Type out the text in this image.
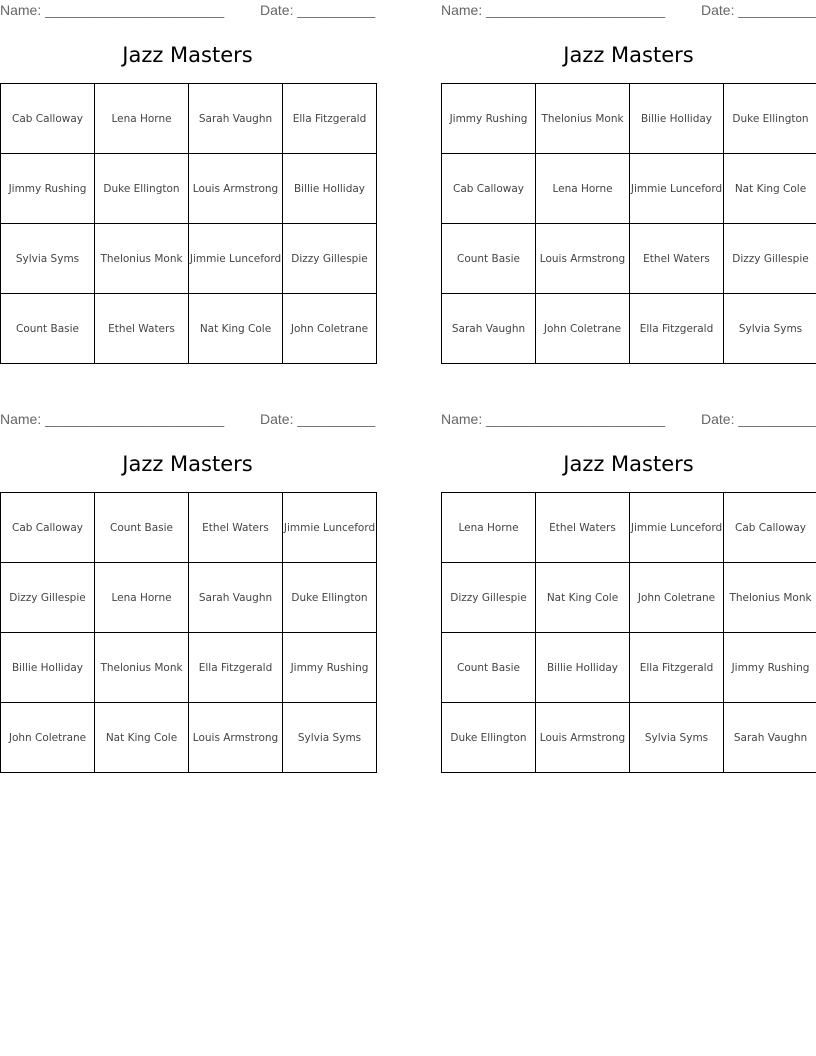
Name: _______________________	Date: __________
Jazz Masters
Cab Calloway	Lena Horne	Sarah Vaughn	Ella Fitzgerald
Jimmy Rushing	Duke Ellington	Louis Armstrong	Billie Holliday
Sylvia Syms	Thelonius Monk	Jimmie Lunceford	Dizzy Gillespie
Count Basie	Ethel Waters	Nat King Cole	John Coletrane
Name: _______________________	Date: __________
Jazz Masters
Jimmy Rushing	Thelonius Monk	Billie Holliday	Duke Ellington
Cab Calloway	Lena Horne	Jimmie Lunceford	Nat King Cole
Count Basie	Louis Armstrong	Ethel Waters	Dizzy Gillespie
Sarah Vaughn	John Coletrane	Ella Fitzgerald	Sylvia Syms
Name: _______________________	Date: __________
Jazz Masters
Cab Calloway	Count Basie	Ethel Waters	Jimmie Lunceford
Dizzy Gillespie	Lena Horne	Sarah Vaughn	Duke Ellington
Billie Holliday	Thelonius Monk	Ella Fitzgerald	Jimmy Rushing
John Coletrane	Nat King Cole	Louis Armstrong	Sylvia Syms
Name: _______________________	Date: __________
Jazz Masters
Lena Horne	Ethel Waters	Jimmie Lunceford	Cab Calloway
Dizzy Gillespie	Nat King Cole	John Coletrane	Thelonius Monk
Count Basie	Billie Holliday	Ella Fitzgerald	Jimmy Rushing
Duke Ellington	Louis Armstrong	Sylvia Syms	Sarah Vaughn
